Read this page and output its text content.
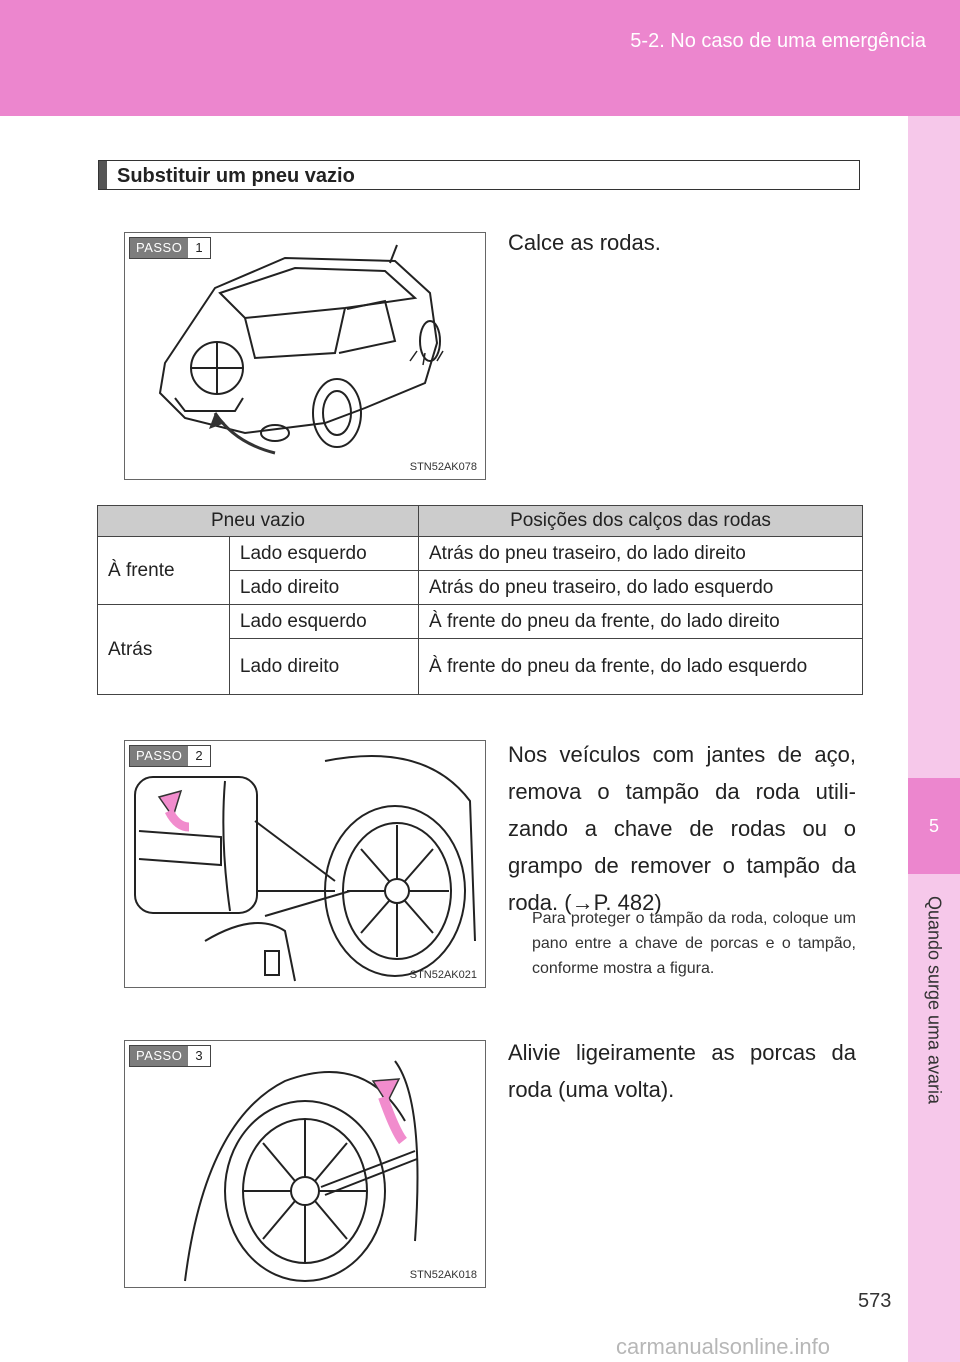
5-2. No caso de uma emergência
5
Quando surge uma avaria
Substituir um pneu vazio
PASSO	1
STN52AK078
Calce as rodas.
Pneu vazio		Posições dos calços das rodas
À frente	Lado esquerdo	Atrás do pneu traseiro, do lado direito
	Lado direito	Atrás do pneu traseiro, do lado esquerdo
Atrás	Lado esquerdo	À frente do pneu da frente, do lado direito
	Lado direito	À frente do pneu da frente, do lado esquerdo
PASSO	2
STN52AK021
Nos veículos com jantes de aço, remova o tampão da roda utili-zando a chave de rodas ou o grampo de remover o tampão da roda. (→P. 482)
Para proteger o tampão da roda, coloque um pano entre a chave de porcas e o tampão, conforme mostra a figura.
PASSO	3
STN52AK018
Alivie ligeiramente as porcas da roda (uma volta).
573
carmanualsonline.info
